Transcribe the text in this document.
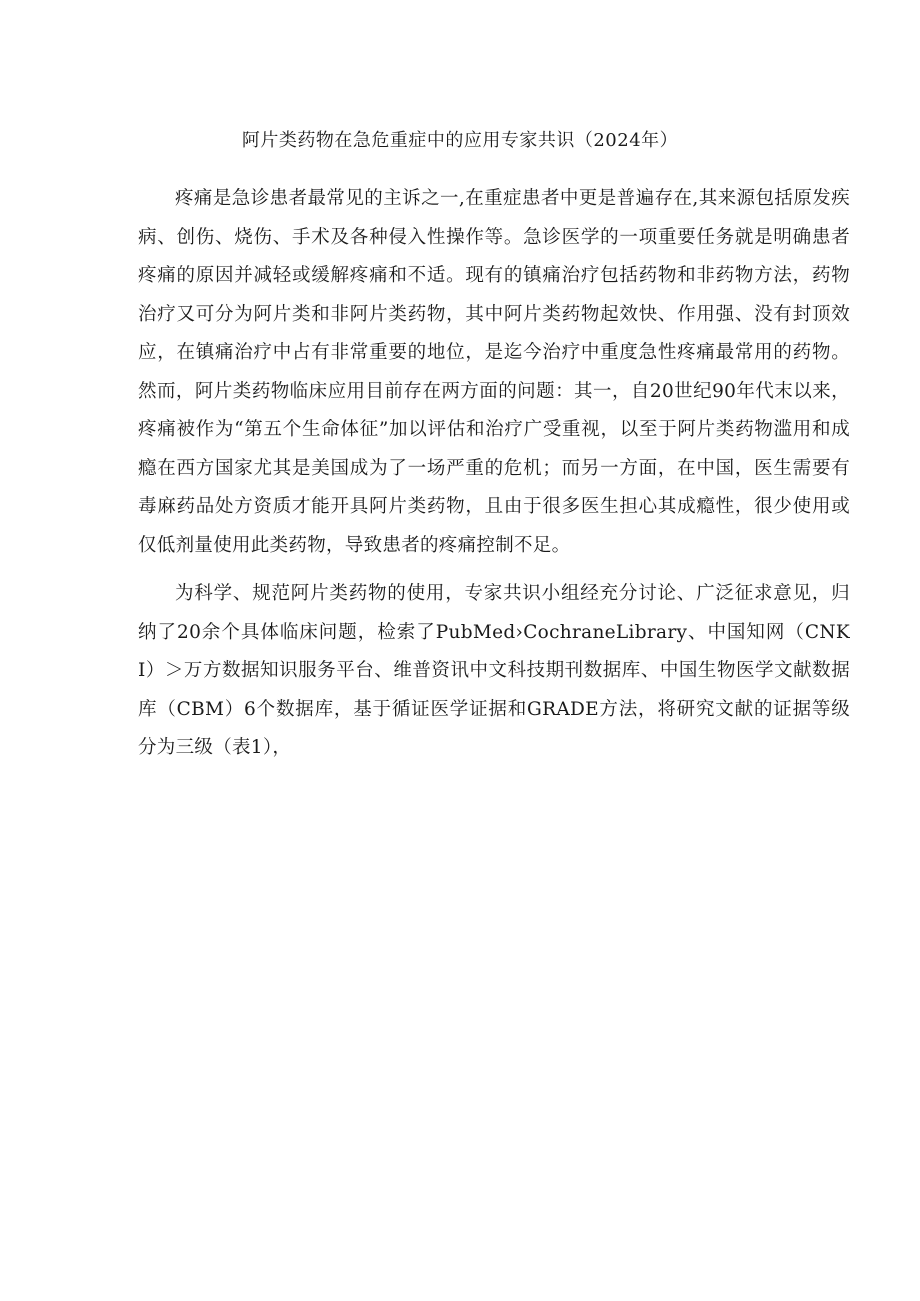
阿片类药物在急危重症中的应用专家共识（2024年）

疼痛是急诊患者最常见的主诉之一,在重症患者中更是普遍存在,其来源包括原发疾病、创伤、烧伤、手术及各种侵入性操作等。急诊医学的一项重要任务就是明确患者疼痛的原因并减轻或缓解疼痛和不适。现有的镇痛治疗包括药物和非药物方法，药物治疗又可分为阿片类和非阿片类药物，其中阿片类药物起效快、作用强、没有封顶效应，在镇痛治疗中占有非常重要的地位，是迄今治疗中重度急性疼痛最常用的药物。然而，阿片类药物临床应用目前存在两方面的问题：其一，自20世纪90年代末以来，疼痛被作为“第五个生命体征”加以评估和治疗广受重视，以至于阿片类药物滥用和成瘾在西方国家尤其是美国成为了一场严重的危机；而另一方面，在中国，医生需要有毒麻药品处方资质才能开具阿片类药物，且由于很多医生担心其成瘾性，很少使用或仅低剂量使用此类药物，导致患者的疼痛控制不足。

为科学、规范阿片类药物的使用，专家共识小组经充分讨论、广泛征求意见，归纳了20余个具体临床问题，检索了PubMed›CochraneLibrary、中国知网（CNKI）＞万方数据知识服务平台、维普资讯中文科技期刊数据库、中国生物医学文献数据库（CBM）6个数据库，基于循证医学证据和GRADE方法，将研究文献的证据等级分为三级（表1），
